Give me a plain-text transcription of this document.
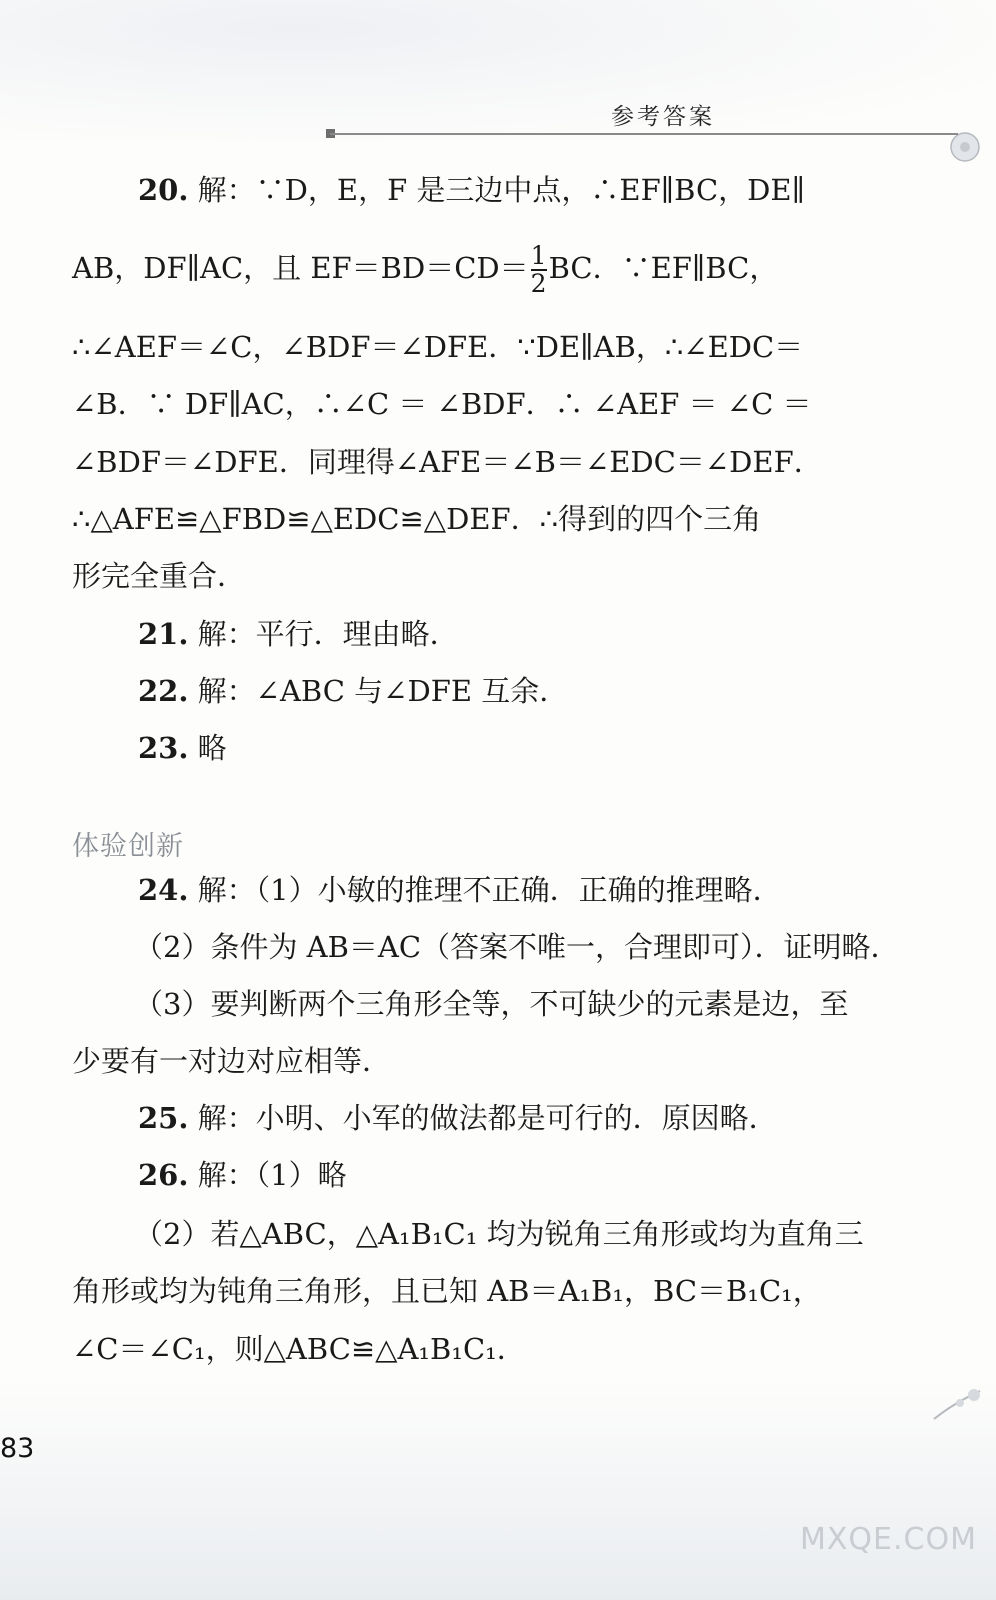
参考答案
20. 解：∵D，E，F 是三边中点，∴EF∥BC，DE∥
AB，DF∥AC，且 $EF=BD=CD= \frac{1}{2}$ BC．∵EF∥BC，
∴∠AEF＝∠C，∠BDF＝∠DFE．∵DE∥AB，∴∠EDC＝
∠B．∵ DF∥AC，∴∠C ＝ ∠BDF．∴ ∠AEF ＝ ∠C ＝
∠BDF＝∠DFE．同理得∠AFE＝∠B＝∠EDC＝∠DEF．
∴△AFE≌△FBD≌△EDC≌△DEF．∴得到的四个三角
形完全重合．
21. 解：平行．理由略．
22. 解：∠ABC 与∠DFE 互余．
23. 略
体验创新
24. 解：（1）小敏的推理不正确．正确的推理略．
（2）条件为 AB＝AC（答案不唯一，合理即可）．证明略．
（3）要判断两个三角形全等，不可缺少的元素是边，至
少要有一对边对应相等．
25. 解：小明、小军的做法都是可行的．原因略．
26. 解：（1）略
（2）若△ABC，△A₁B₁C₁ 均为锐角三角形或均为直角三
角形或均为钝角三角形，且已知 AB＝A₁B₁，BC＝B₁C₁，
∠C＝∠C₁，则△ABC≌△A₁B₁C₁．
83
MXQE.COM
